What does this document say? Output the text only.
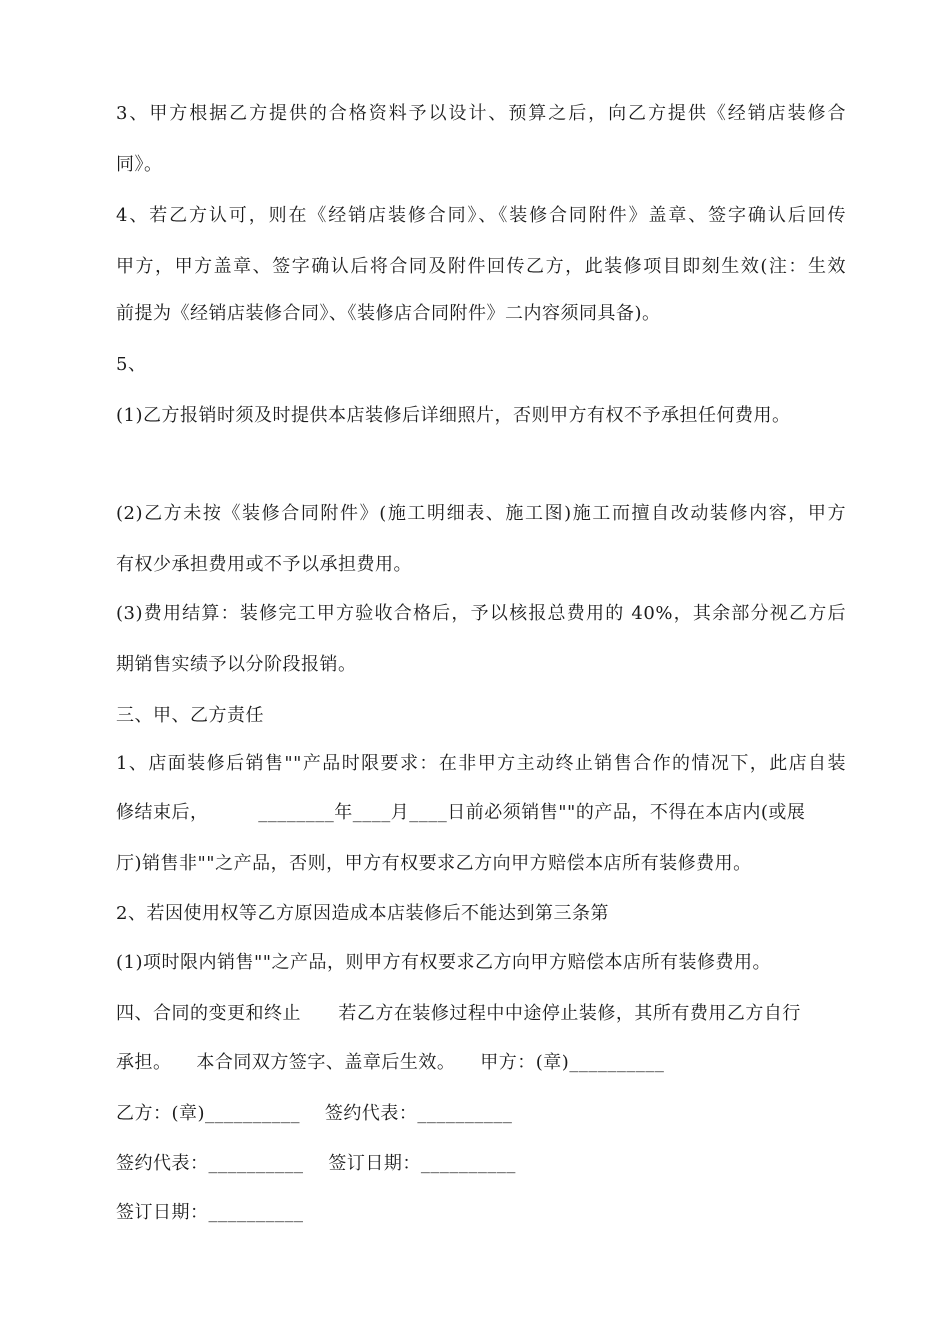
3、甲方根据乙方提供的合格资料予以设计、预算之后，向乙方提供《经销店装修合
同》。
4、若乙方认可，则在《经销店装修合同》、《装修合同附件》盖章、签字确认后回传
甲方，甲方盖章、签字确认后将合同及附件回传乙方，此装修项目即刻生效(注：生效
前提为《经销店装修合同》、《装修店合同附件》二内容须同具备)。
5、
(1)乙方报销时须及时提供本店装修后详细照片，否则甲方有权不予承担任何费用。
(2)乙方未按《装修合同附件》(施工明细表、施工图)施工而擅自改动装修内容，甲方
有权少承担费用或不予以承担费用。
(3)费用结算：装修完工甲方验收合格后，予以核报总费用的 40%，其余部分视乙方后
期销售实绩予以分阶段报销。
三、甲、乙方责任
1、店面装修后销售""产品时限要求：在非甲方主动终止销售合作的情况下，此店自装
修结束后，        ________年____月____日前必须销售""的产品，不得在本店内(或展
厅)销售非""之产品，否则，甲方有权要求乙方向甲方赔偿本店所有装修费用。
2、若因使用权等乙方原因造成本店装修后不能达到第三条第
(1)项时限内销售""之产品，则甲方有权要求乙方向甲方赔偿本店所有装修费用。
四、合同的变更和终止      若乙方在装修过程中中途停止装修，其所有费用乙方自行
承担。    本合同双方签字、盖章后生效。    甲方：(章)__________
乙方：(章)__________    签约代表：__________
签约代表：__________    签订日期：__________
签订日期：__________
